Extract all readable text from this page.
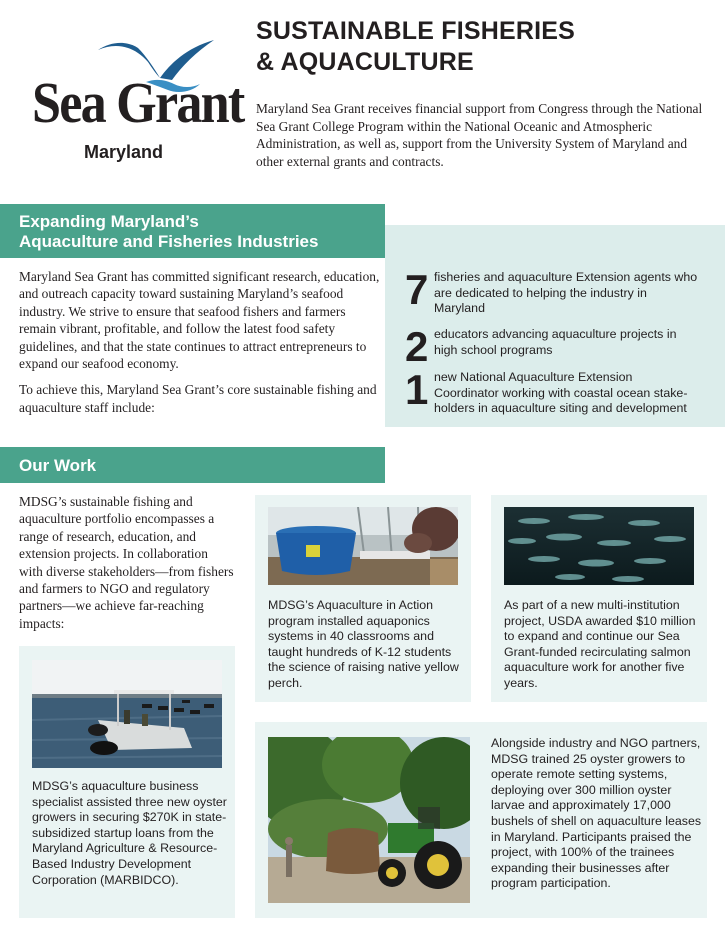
Sea Grant
Maryland
SUSTAINABLE FISHERIES
& AQUACULTURE

Maryland Sea Grant receives financial support from Congress through the National Sea Grant College Program within the National Oceanic and Atmospheric Administration, as well as, support from the University System of Maryland and other external grants and contracts.

Expanding Maryland’s
Aquaculture and Fisheries Industries

Maryland Sea Grant has committed significant research, education, and outreach capacity toward sustaining Maryland’s seafood industry. We strive to ensure that seafood fishers and farmers remain vibrant, profitable, and follow the latest food safety guidelines, and that the state continues to attract entrepreneurs to expand our seafood economy.

To achieve this, Maryland Sea Grant’s core sustainable fishing and aquaculture staff include:

7 fisheries and aquaculture Extension agents who are dedicated to helping the industry in Maryland
2 educators advancing aquaculture projects in high school programs
1 new National Aquaculture Extension Coordinator working with coastal ocean stake-holders in aquaculture siting and development
Our Work

MDSG’s sustainable fishing and aquaculture portfolio encompasses a range of research, education, and extension projects. In collaboration with diverse stakeholders—from fishers and farmers to NGO and regulatory partners—we achieve far-reaching impacts:

MDSG’s Aquaculture in Action program installed aquaponics systems in 40 classrooms and taught hundreds of K-12 students the science of raising native yellow perch.
As part of a new multi-institution project, USDA awarded $10 million to expand and continue our Sea Grant-funded recirculating salmon aquaculture work for another five years.
MDSG’s aquaculture business specialist assisted three new oyster growers in securing $270K in state-subsidized startup loans from the Maryland Agriculture & Resource-Based Industry Development Corporation (MARBIDCO).
Alongside industry and NGO partners, MDSG trained 25 oyster growers to operate remote setting systems, deploying over 300 million oyster larvae and approximately 17,000 bushels of shell on aquaculture leases in Maryland. Participants praised the project, with 100% of the trainees expanding their businesses after program participation.
